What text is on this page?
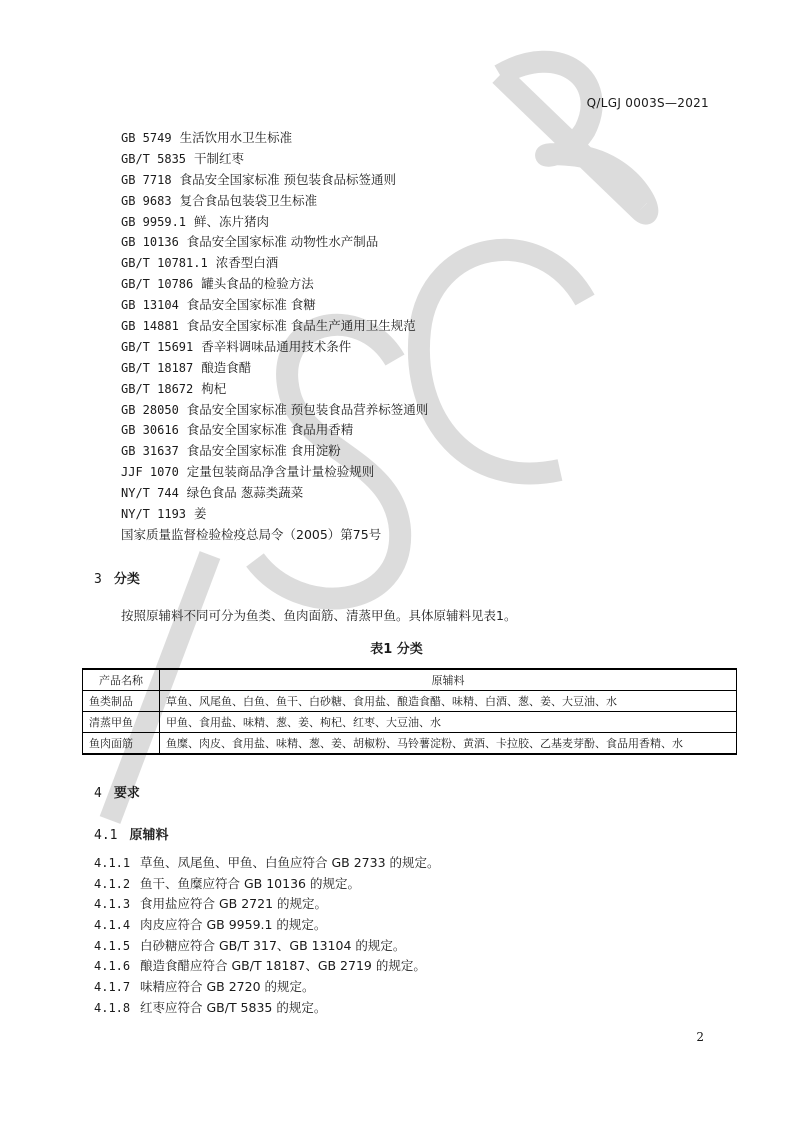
Q/LGJ 0003S—2021
GB 5749 生活饮用水卫生标准
GB/T 5835 干制红枣
GB 7718 食品安全国家标准 预包装食品标签通则
GB 9683 复合食品包装袋卫生标准
GB 9959.1 鲜、冻片猪肉
GB 10136 食品安全国家标准 动物性水产制品
GB/T 10781.1 浓香型白酒
GB/T 10786 罐头食品的检验方法
GB 13104 食品安全国家标准 食糖
GB 14881 食品安全国家标准 食品生产通用卫生规范
GB/T 15691 香辛料调味品通用技术条件
GB/T 18187 酿造食醋
GB/T 18672 枸杞
GB 28050 食品安全国家标准 预包装食品营养标签通则
GB 30616 食品安全国家标准 食品用香精
GB 31637 食品安全国家标准 食用淀粉
JJF 1070 定量包装商品净含量计量检验规则
NY/T 744 绿色食品 葱蒜类蔬菜
NY/T 1193 姜
国家质量监督检验检疫总局令（2005）第75号
3 分类
按照原辅料不同可分为鱼类、鱼肉面筋、清蒸甲鱼。具体原辅料见表1。
表1 分类
产品名称	原辅料
鱼类制品	草鱼、风尾鱼、白鱼、鱼干、白砂糖、食用盐、酿造食醋、味精、白酒、葱、姜、大豆油、水
清蒸甲鱼	甲鱼、食用盐、味精、葱、姜、枸杞、红枣、大豆油、水
鱼肉面筋	鱼糜、肉皮、食用盐、味精、葱、姜、胡椒粉、马铃薯淀粉、黄酒、卡拉胶、乙基麦芽酚、食品用香精、水
4 要求
4.1 原辅料
4.1.1 草鱼、凤尾鱼、甲鱼、白鱼应符合 GB 2733 的规定。
4.1.2 鱼干、鱼糜应符合 GB 10136 的规定。
4.1.3 食用盐应符合 GB 2721 的规定。
4.1.4 肉皮应符合 GB 9959.1 的规定。
4.1.5 白砂糖应符合 GB/T 317、GB 13104 的规定。
4.1.6 酿造食醋应符合 GB/T 18187、GB 2719 的规定。
4.1.7 味精应符合 GB 2720 的规定。
4.1.8 红枣应符合 GB/T 5835 的规定。
2
